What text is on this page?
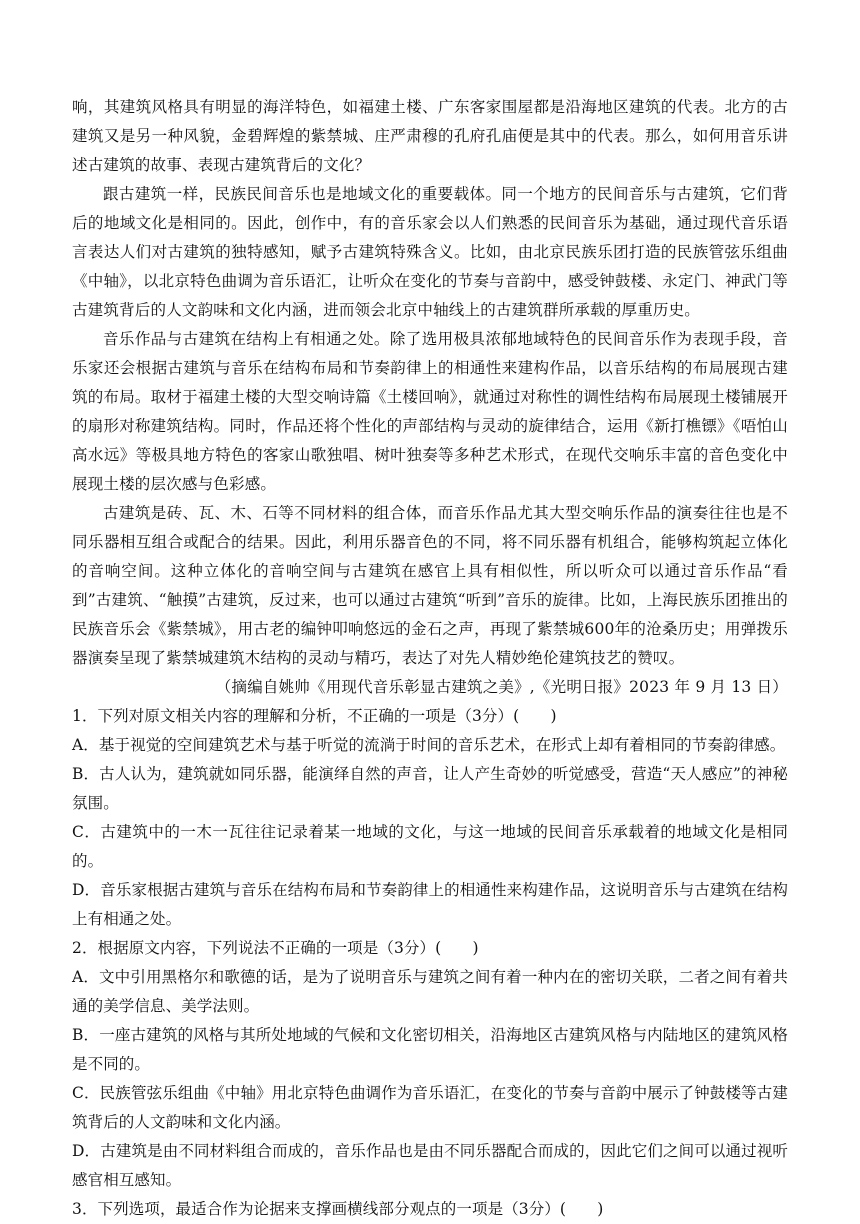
响，其建筑风格具有明显的海洋特色，如福建土楼、广东客家围屋都是沿海地区建筑的代表。北方的古建筑又是另一种风貌，金碧辉煌的紫禁城、庄严肃穆的孔府孔庙便是其中的代表。那么，如何用音乐讲述古建筑的故事、表现古建筑背后的文化？

跟古建筑一样，民族民间音乐也是地域文化的重要载体。同一个地方的民间音乐与古建筑，它们背后的地域文化是相同的。因此，创作中，有的音乐家会以人们熟悉的民间音乐为基础，通过现代音乐语言表达人们对古建筑的独特感知，赋予古建筑特殊含义。比如，由北京民族乐团打造的民族管弦乐组曲《中轴》，以北京特色曲调为音乐语汇，让听众在变化的节奏与音韵中，感受钟鼓楼、永定门、神武门等古建筑背后的人文韵味和文化内涵，进而领会北京中轴线上的古建筑群所承载的厚重历史。

音乐作品与古建筑在结构上有相通之处。除了选用极具浓郁地域特色的民间音乐作为表现手段，音乐家还会根据古建筑与音乐在结构布局和节奏韵律上的相通性来建构作品，以音乐结构的布局展现古建筑的布局。取材于福建土楼的大型交响诗篇《土楼回响》，就通过对称性的调性结构布局展现土楼铺展开的扇形对称建筑结构。同时，作品还将个性化的声部结构与灵动的旋律结合，运用《新打樵镖》《唔怕山高水远》等极具地方特色的客家山歌独唱、树叶独奏等多种艺术形式，在现代交响乐丰富的音色变化中展现土楼的层次感与色彩感。

古建筑是砖、瓦、木、石等不同材料的组合体，而音乐作品尤其大型交响乐作品的演奏往往也是不同乐器相互组合或配合的结果。因此，利用乐器音色的不同，将不同乐器有机组合，能够构筑起立体化的音响空间。这种立体化的音响空间与古建筑在感官上具有相似性，所以听众可以通过音乐作品“看到”古建筑、“触摸”古建筑，反过来，也可以通过古建筑“听到”音乐的旋律。比如，上海民族乐团推出的民族音乐会《紫禁城》，用古老的编钟叩响悠远的金石之声，再现了紫禁城600年的沧桑历史；用弹拨乐器演奏呈现了紫禁城建筑木结构的灵动与精巧，表达了对先人精妙绝伦建筑技艺的赞叹。

（摘编自姚帅《用现代音乐彰显古建筑之美》,《光明日报》2023 年 9 月 13 日）

1．下列对原文相关内容的理解和分析，不正确的一项是（3分）(　　)

A．基于视觉的空间建筑艺术与基于听觉的流淌于时间的音乐艺术，在形式上却有着相同的节奏韵律感。

B．古人认为，建筑就如同乐器，能演绎自然的声音，让人产生奇妙的听觉感受，营造“天人感应”的神秘氛围。

C．古建筑中的一木一瓦往往记录着某一地域的文化，与这一地域的民间音乐承载着的地域文化是相同的。

D．音乐家根据古建筑与音乐在结构布局和节奏韵律上的相通性来构建作品，这说明音乐与古建筑在结构上有相通之处。

2．根据原文内容，下列说法不正确的一项是（3分）(　　)

A．文中引用黑格尔和歌德的话，是为了说明音乐与建筑之间有着一种内在的密切关联，二者之间有着共通的美学信息、美学法则。

B．一座古建筑的风格与其所处地域的气候和文化密切相关，沿海地区古建筑风格与内陆地区的建筑风格是不同的。

C．民族管弦乐组曲《中轴》用北京特色曲调作为音乐语汇，在变化的节奏与音韵中展示了钟鼓楼等古建筑背后的人文韵味和文化内涵。

D．古建筑是由不同材料组合而成的，音乐作品也是由不同乐器配合而成的，因此它们之间可以通过视听感官相互感知。

3．下列选项，最适合作为论据来支撑画横线部分观点的一项是（3分）(　　)
